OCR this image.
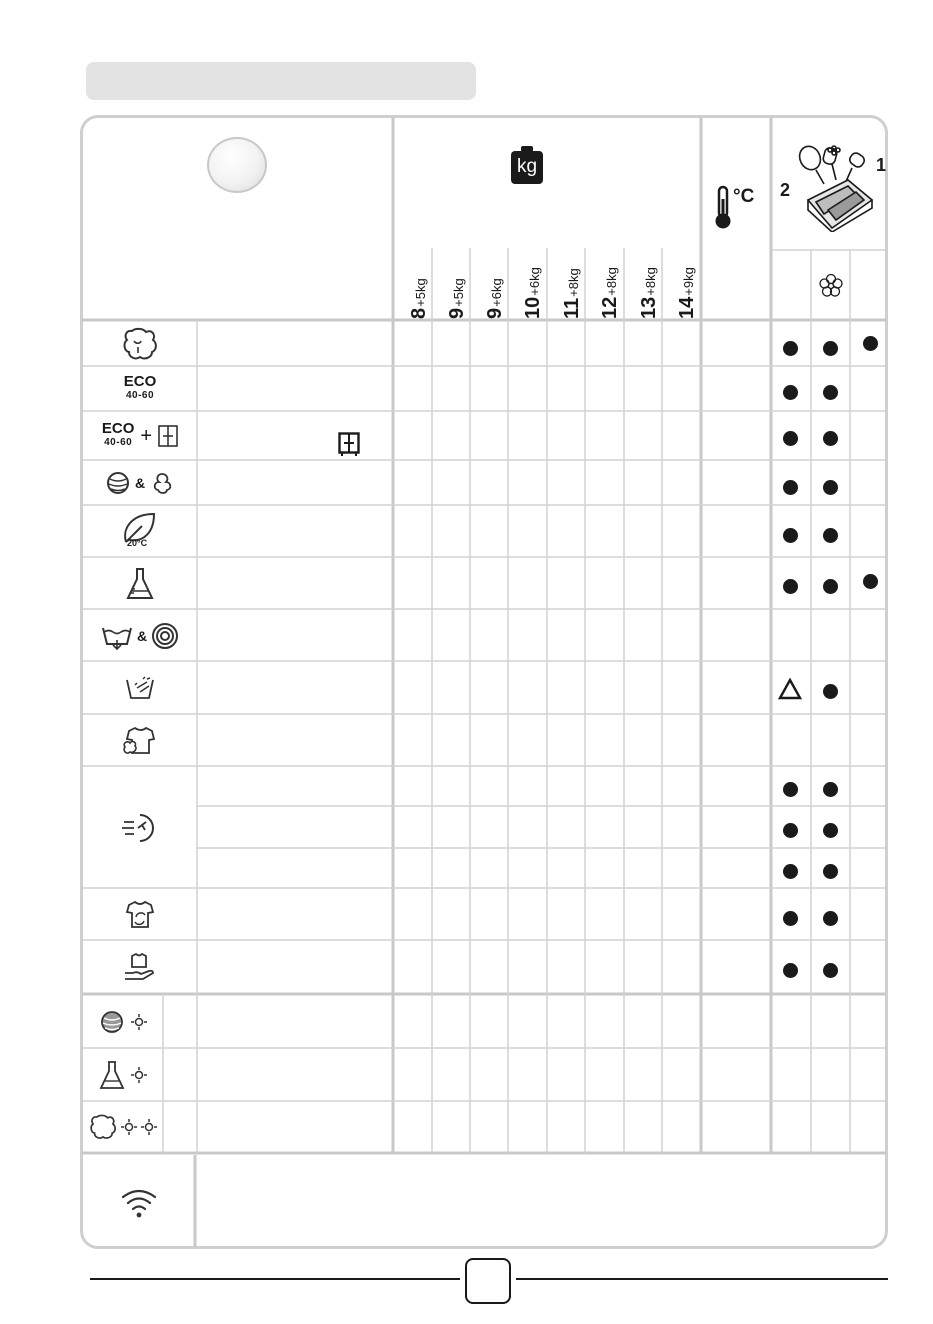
kg
8+5kg
9+5kg
9+6kg
10+6kg
11+8kg
12+8kg
13+8kg
14+9kg
°C 2
1
ECO
40-60
ECO
40-60 +
&
20°C
&
